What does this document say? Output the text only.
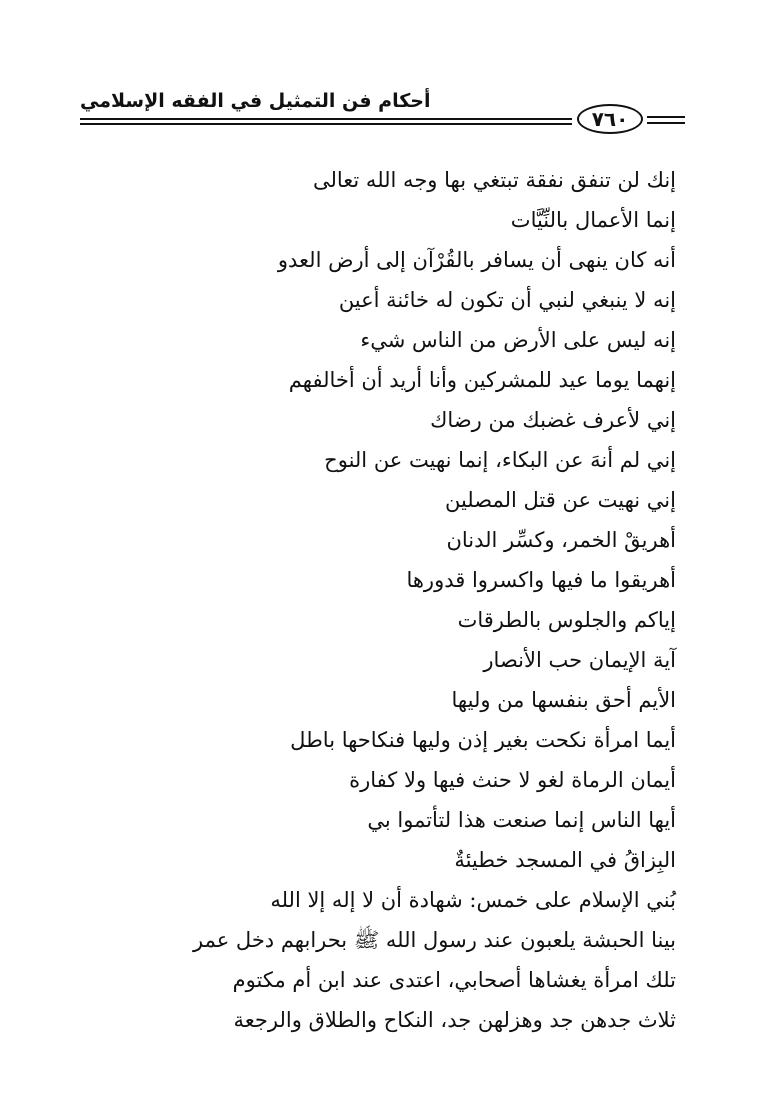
أحكام فن التمثيل في الفقه الإسلامي
٧٦٠
إنك لن تنفق نفقة تبتغي بها وجه الله تعالى
إنما الأعمال بالنِّيَّات
أنه كان ينهى أن يسافر بالقُرْآن إلى أرض العدو
إنه لا ينبغي لنبي أن تكون له خائنة أعين
إنه ليس على الأرض من الناس شيء
إنهما يوما عيد للمشركين وأنا أريد أن أخالفهم
إني لأعرف غضبك من رضاك
إني لم أنهَ عن البكاء، إنما نهيت عن النوح
إني نهيت عن قتل المصلين
أهريقْ الخمر، وكسِّر الدنان
أهريقوا ما فيها واكسروا قدورها
إياكم والجلوس بالطرقات
آية الإيمان حب الأنصار
الأيم أحق بنفسها من وليها
أيما امرأة نكحت بغير إذن وليها فنكاحها باطل
أيمان الرماة لغو لا حنث فيها ولا كفارة
أيها الناس إنما صنعت هذا لتأتموا بي
البِزاقُ في المسجد خطيئةٌ
بُني الإسلام على خمس: شهادة أن لا إله إلا الله
بينا الحبشة يلعبون عند رسول الله ﷺ بحرابهم دخل عمر
تلك امرأة يغشاها أصحابي، اعتدى عند ابن أم مكتوم
ثلاث جدهن جد وهزلهن جد، النكاح والطلاق والرجعة
